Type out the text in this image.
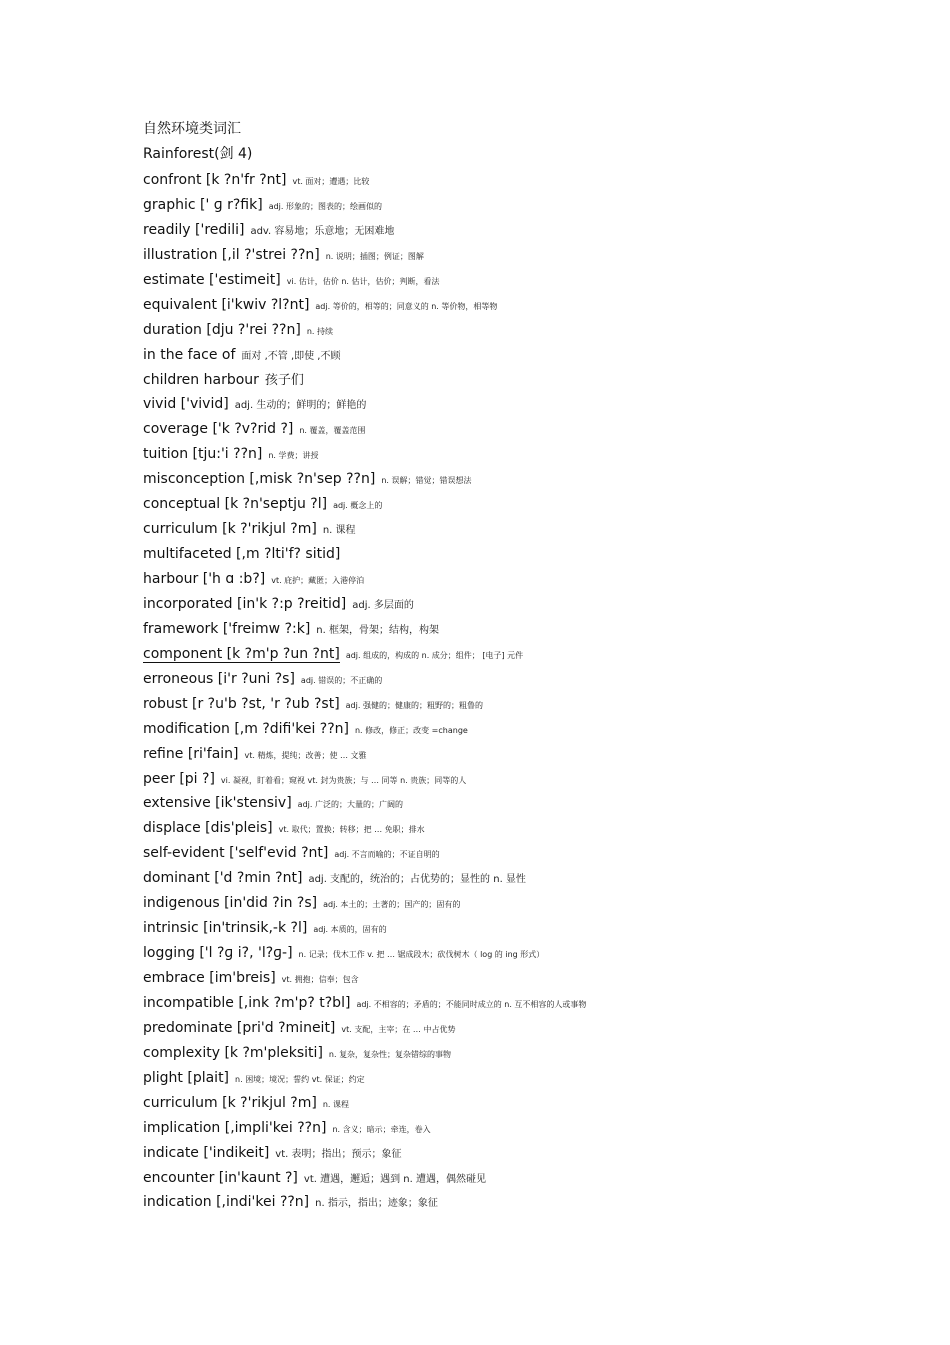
自然环境类词汇
Rainforest(剑 4)
confront [k ?n'fr ?nt] vt. 面对；遭遇；比较
graphic [' ɡ r?fik] adj. 形象的；图表的；绘画似的
readily ['redili] adv. 容易地；乐意地；无困难地
illustration [,il ?'strei ??n] n. 说明；插图；例证；图解
estimate ['estimeit] vi. 估计，估价 n. 估计，估价；判断，看法
equivalent [i'kwiv ?l?nt] adj. 等价的，相等的；同意义的 n. 等价物，相等物
duration [dju ?'rei ??n] n. 持续
in the face of 面对 ,不管 ,即使 ,不顾
children harbour 孩子们
vivid ['vivid] adj. 生动的；鲜明的；鲜艳的
coverage ['k ?v?rid ?] n. 覆盖，覆盖范围
tuition [tju:'i ??n] n. 学费；讲授
misconception [,misk ?n'sep ??n] n. 误解；错觉；错误想法
conceptual [k ?n'septju ?l] adj. 概念上的
curriculum [k ?'rikjul ?m] n. 课程
multifaceted [,m ?lti'f? sitid]
harbour ['h ɑ :b?] vt. 庇护；藏匿；入港停泊
incorporated [in'k ?:p ?reitid] adj. 多层面的
framework ['freimw ?:k] n. 框架，骨架；结构，构架
component [k ?m'p ?un ?nt] adj. 组成的，构成的 n. 成分；组件； [电子] 元件
erroneous [i'r ?uni ?s] adj. 错误的；不正确的
robust [r ?u'b ?st, 'r ?ub ?st] adj. 强健的；健康的；粗野的；粗鲁的
modification [,m ?difi'kei ??n] n. 修改，修正；改变 =change
refine [ri'fain] vt. 精炼，提纯；改善；使 … 文雅
peer [pi ?] vi. 凝视，盯着看；窥视 vt. 封为贵族；与 … 同等 n. 贵族；同等的人
extensive [ik'stensiv] adj. 广泛的；大量的；广阔的
displace [dis'pleis] vt. 取代；置换；转移；把 … 免职；排水
self-evident ['self'evid ?nt] adj. 不言而喻的；不证自明的
dominant ['d ?min ?nt] adj. 支配的，统治的；占优势的；显性的 n. 显性
indigenous [in'did ?in ?s] adj. 本土的；土著的；国产的；固有的
intrinsic [in'trinsik,-k ?l] adj. 本质的，固有的
logging ['l ?ɡ i?, 'l?ɡ-] n. 记录；伐木工作 v. 把 … 锯成段木；砍伐树木（ log 的 ing 形式）
embrace [im'breis] vt. 拥抱；信奉；包含
incompatible [,ink ?m'p? t?bl] adj. 不相容的；矛盾的；不能同时成立的 n. 互不相容的人或事物
predominate [pri'd ?mineit] vt. 支配，主宰；在 … 中占优势
complexity [k ?m'pleksiti] n. 复杂，复杂性；复杂错综的事物
plight [plait] n. 困境；境况；誓约 vt. 保证；约定
curriculum [k ?'rikjul ?m] n. 课程
implication [,impli'kei ??n] n. 含义；暗示；牵连，卷入
indicate ['indikeit] vt. 表明；指出；预示；象征
encounter [in'kaunt ?] vt. 遭遇，邂逅；遇到 n. 遭遇，偶然碰见
indication [,indi'kei ??n] n. 指示，指出；迹象；象征
